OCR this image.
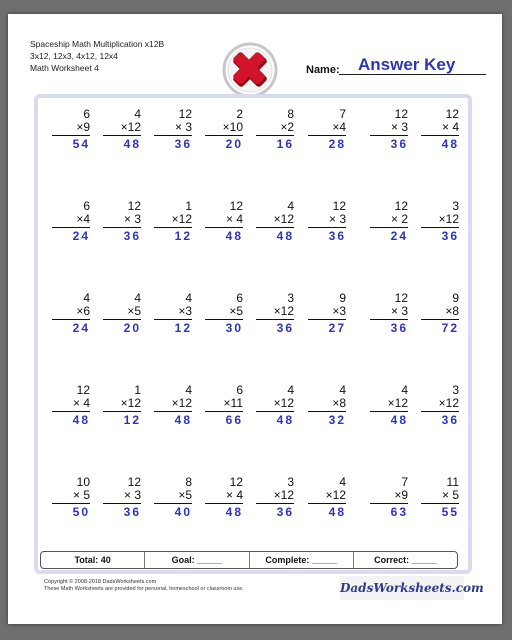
Spaceship Math Multiplication x12B
3x12, 12x3, 4x12, 12x4
Math Worksheet 4	Name: Answer Key
6
×9
54
4
×12
48
12
× 3
36
2
×10
20
8
×2
16
7
×4
28
12
× 3
36
12
× 4
48
6
×4
24
12
× 3
36
1
×12
12
12
× 4
48
4
×12
48
12
× 3
36
12
× 2
24
3
×12
36
4
×6
24
4
×5
20
4
×3
12
6
×5
30
3
×12
36
9
×3
27
12
× 3
36
9
×8
72
12
× 4
48
1
×12
12
4
×12
48
6
×11
66
4
×12
48
4
×8
32
4
×12
48
3
×12
36
10
× 5
50
12
× 3
36
8
×5
40
12
× 4
48
3
×12
36
4
×12
48
7
×9
63
11
× 5
55
Total: 40	Goal: _____	Complete: _____	Correct: _____
Copyright © 2008-2018 DadsWorksheets.com
These Math Worksheets are provided for personal, homeschool or classroom use.	DadsWorksheets.com
